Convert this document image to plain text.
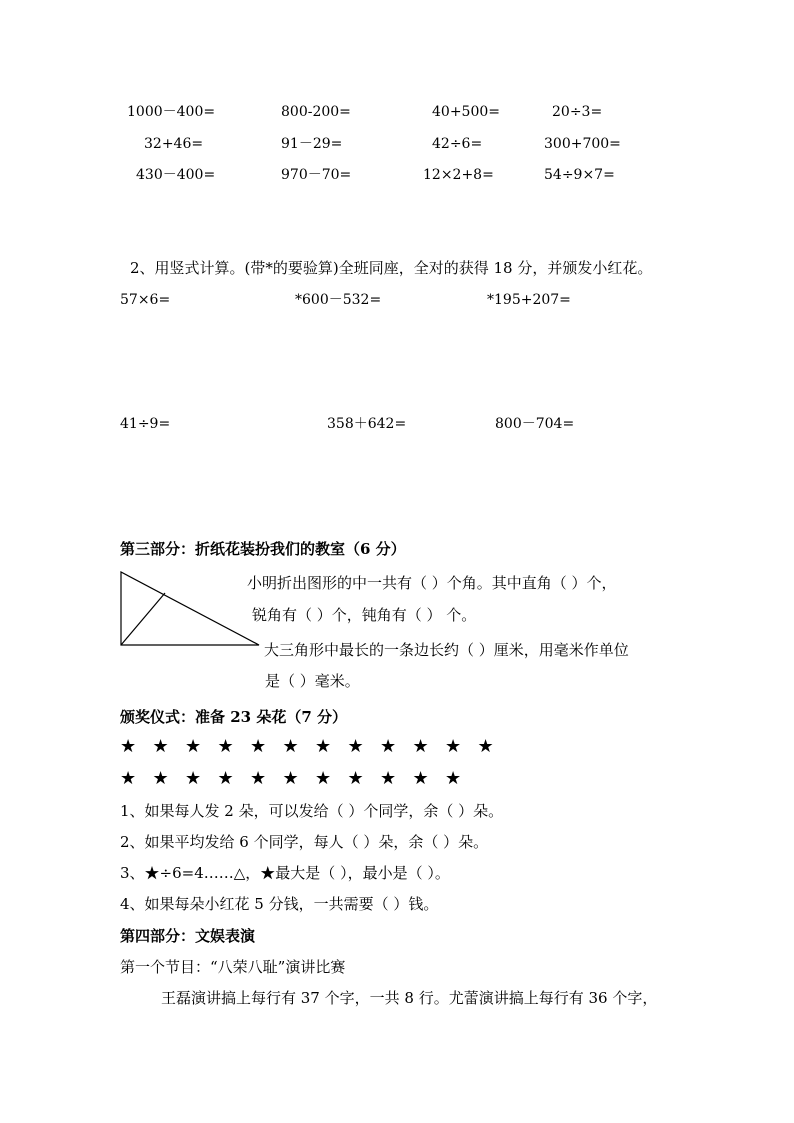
1000－400=	800-200=	40+500=	20÷3=
32+46=	91－29=	42÷6=	300+700=
430－400=	970－70=	12×2+8=	54÷9×7=
2、用竖式计算。(带*的要验算)全班同座，全对的获得 18 分，并颁发小红花。
57×6=	*600－532=	*195+207=
41÷9=	358＋642=	800－704=
第三部分：折纸花装扮我们的教室（6 分）
小明折出图形的中一共有（ ）个角。其中直角（ ）个，
锐角有（ ）个，钝角有（ ） 个。
大三角形中最长的一条边长约（ ）厘米，用毫米作单位
是（ ）毫米。
颁奖仪式：准备 23 朵花（7 分）
★ ★ ★ ★ ★ ★ ★ ★ ★ ★ ★ ★
★ ★ ★ ★ ★ ★ ★ ★ ★ ★ ★
1、如果每人发 2 朵，可以发给（ ）个同学，余（ ）朵。
2、如果平均发给 6 个同学，每人（ ）朵，余（ ）朵。
3、★÷6=4……△，★最大是（ ），最小是（ ）。
4、如果每朵小红花 5 分钱，一共需要（ ）钱。
第四部分：文娱表演
第一个节目：“八荣八耻”演讲比赛
王磊演讲搞上每行有 37 个字，一共 8 行。尤蕾演讲搞上每行有 36 个字，
